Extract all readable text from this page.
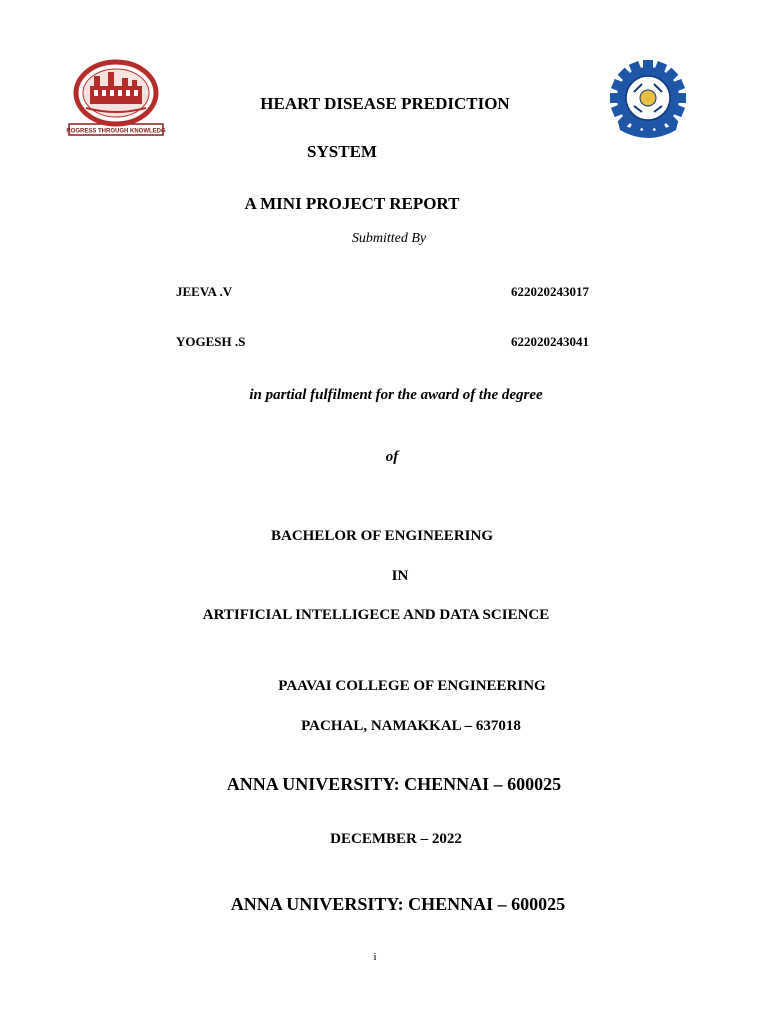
PROGRESS THROUGH KNOWLEDGE
HEART DISEASE PREDICTION
SYSTEM
A MINI PROJECT REPORT
Submitted By
JEEVA .V	622020243017
YOGESH .S	622020243041
in partial fulfilment for the award of the degree
of
BACHELOR OF ENGINEERING
IN
ARTIFICIAL INTELLIGECE AND DATA SCIENCE
PAAVAI COLLEGE OF ENGINEERING
PACHAL, NAMAKKAL – 637018
ANNA UNIVERSITY: CHENNAI – 600025
DECEMBER – 2022
ANNA UNIVERSITY: CHENNAI – 600025
i
